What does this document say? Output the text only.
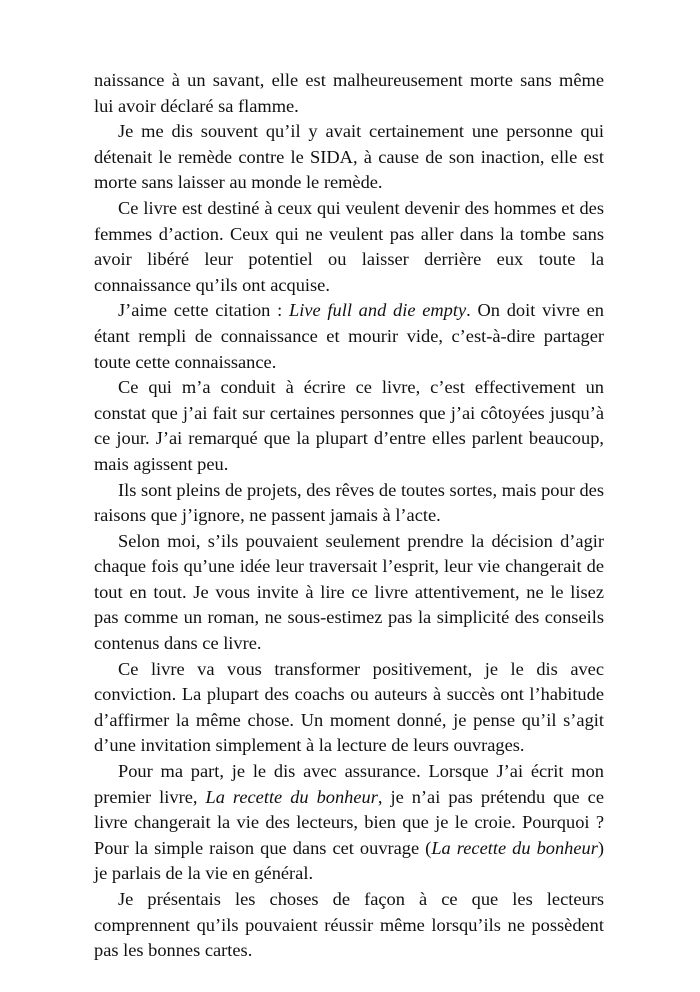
naissance à un savant, elle est malheureusement morte sans même lui avoir déclaré sa flamme.

Je me dis souvent qu’il y avait certainement une personne qui détenait le remède contre le SIDA, à cause de son inaction, elle est morte sans laisser au monde le remède.

Ce livre est destiné à ceux qui veulent devenir des hommes et des femmes d’action. Ceux qui ne veulent pas aller dans la tombe sans avoir libéré leur potentiel ou laisser derrière eux toute la connaissance qu’ils ont acquise.

J’aime cette citation : Live full and die empty. On doit vivre en étant rempli de connaissance et mourir vide, c’est-à-dire partager toute cette connaissance.

Ce qui m’a conduit à écrire ce livre, c’est effectivement un constat que j’ai fait sur certaines personnes que j’ai côtoyées jusqu’à ce jour. J’ai remarqué que la plupart d’entre elles parlent beaucoup, mais agissent peu.

Ils sont pleins de projets, des rêves de toutes sortes, mais pour des raisons que j’ignore, ne passent jamais à l’acte.

Selon moi, s’ils pouvaient seulement prendre la décision d’agir chaque fois qu’une idée leur traversait l’esprit, leur vie changerait de tout en tout. Je vous invite à lire ce livre attentivement, ne le lisez pas comme un roman, ne sous-estimez pas la simplicité des conseils contenus dans ce livre.

Ce livre va vous transformer positivement, je le dis avec conviction. La plupart des coachs ou auteurs à succès ont l’habitude d’affirmer la même chose. Un moment donné, je pense qu’il s’agit d’une invitation simplement à la lecture de leurs ouvrages.

Pour ma part, je le dis avec assurance. Lorsque J’ai écrit mon premier livre, La recette du bonheur, je n’ai pas prétendu que ce livre changerait la vie des lecteurs, bien que je le croie. Pourquoi ? Pour la simple raison que dans cet ouvrage (La recette du bonheur) je parlais de la vie en général.

Je présentais les choses de façon à ce que les lecteurs comprennent qu’ils pouvaient réussir même lorsqu’ils ne possèdent pas les bonnes cartes.
